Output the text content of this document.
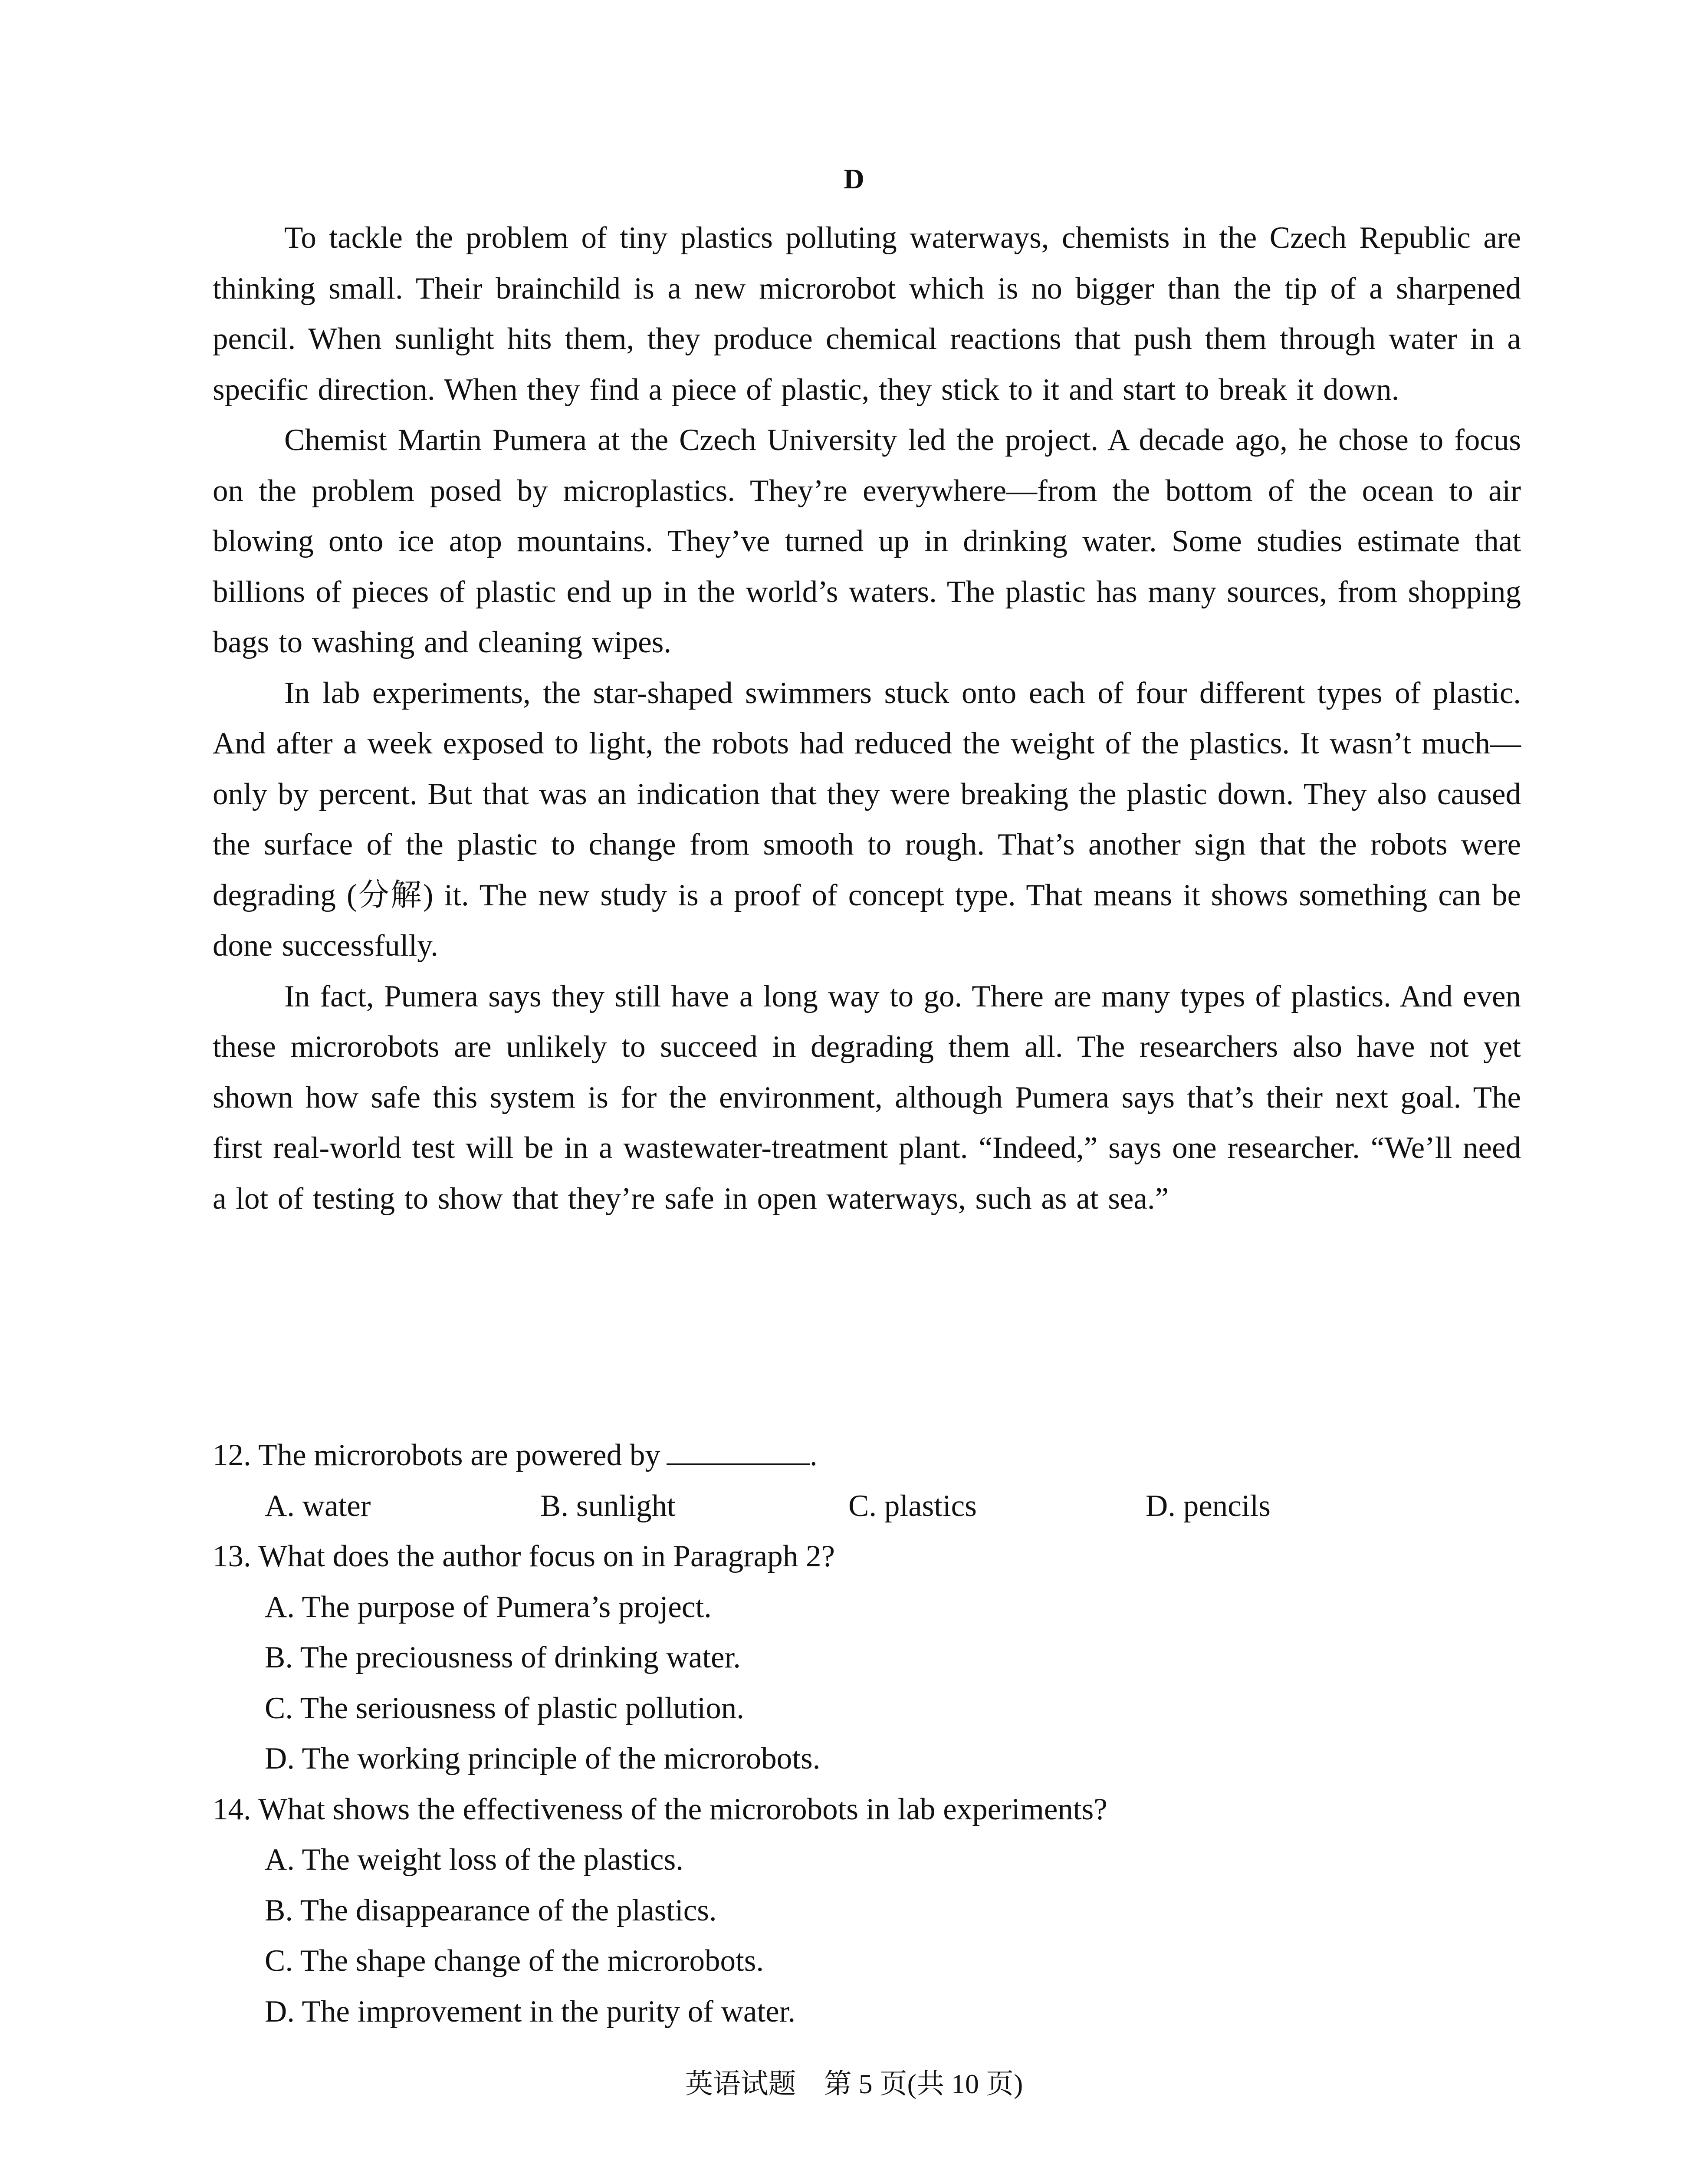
D

To tackle the problem of tiny plastics polluting waterways, chemists in the Czech Republic are thinking small. Their brainchild is a new microrobot which is no bigger than the tip of a sharpened pencil. When sunlight hits them, they produce chemical reactions that push them through water in a specific direction. When they find a piece of plastic, they stick to it and start to break it down.

Chemist Martin Pumera at the Czech University led the project. A decade ago, he chose to focus on the problem posed by microplastics. They’re everywhere—from the bottom of the ocean to air blowing onto ice atop mountains. They’ve turned up in drinking water. Some studies estimate that billions of pieces of plastic end up in the world’s waters. The plastic has many sources, from shopping bags to washing and cleaning wipes.

In lab experiments, the star-shaped swimmers stuck onto each of four different types of plastic. And after a week exposed to light, the robots had reduced the weight of the plastics. It wasn’t much—only by percent. But that was an indication that they were breaking the plastic down. They also caused the surface of the plastic to change from smooth to rough. That’s another sign that the robots were degrading (分解) it. The new study is a proof of concept type. That means it shows something can be done successfully.

In fact, Pumera says they still have a long way to go. There are many types of plastics. And even these microrobots are unlikely to succeed in degrading them all. The researchers also have not yet shown how safe this system is for the environment, although Pumera says that’s their next goal. The first real-world test will be in a wastewater-treatment plant. “Indeed,” says one researcher. “We’ll need a lot of testing to show that they’re safe in open waterways, such as at sea.”

12. The microrobots are powered by	.
A. water	B. sunlight	C. plastics	D. pencils
13. What does the author focus on in Paragraph 2?
A. The purpose of Pumera’s project.
B. The preciousness of drinking water.
C. The seriousness of plastic pollution.
D. The working principle of the microrobots.
14. What shows the effectiveness of the microrobots in lab experiments?
A. The weight loss of the plastics.
B. The disappearance of the plastics.
C. The shape change of the microrobots.
D. The improvement in the purity of water.
英语试题　第 5 页(共 10 页)
